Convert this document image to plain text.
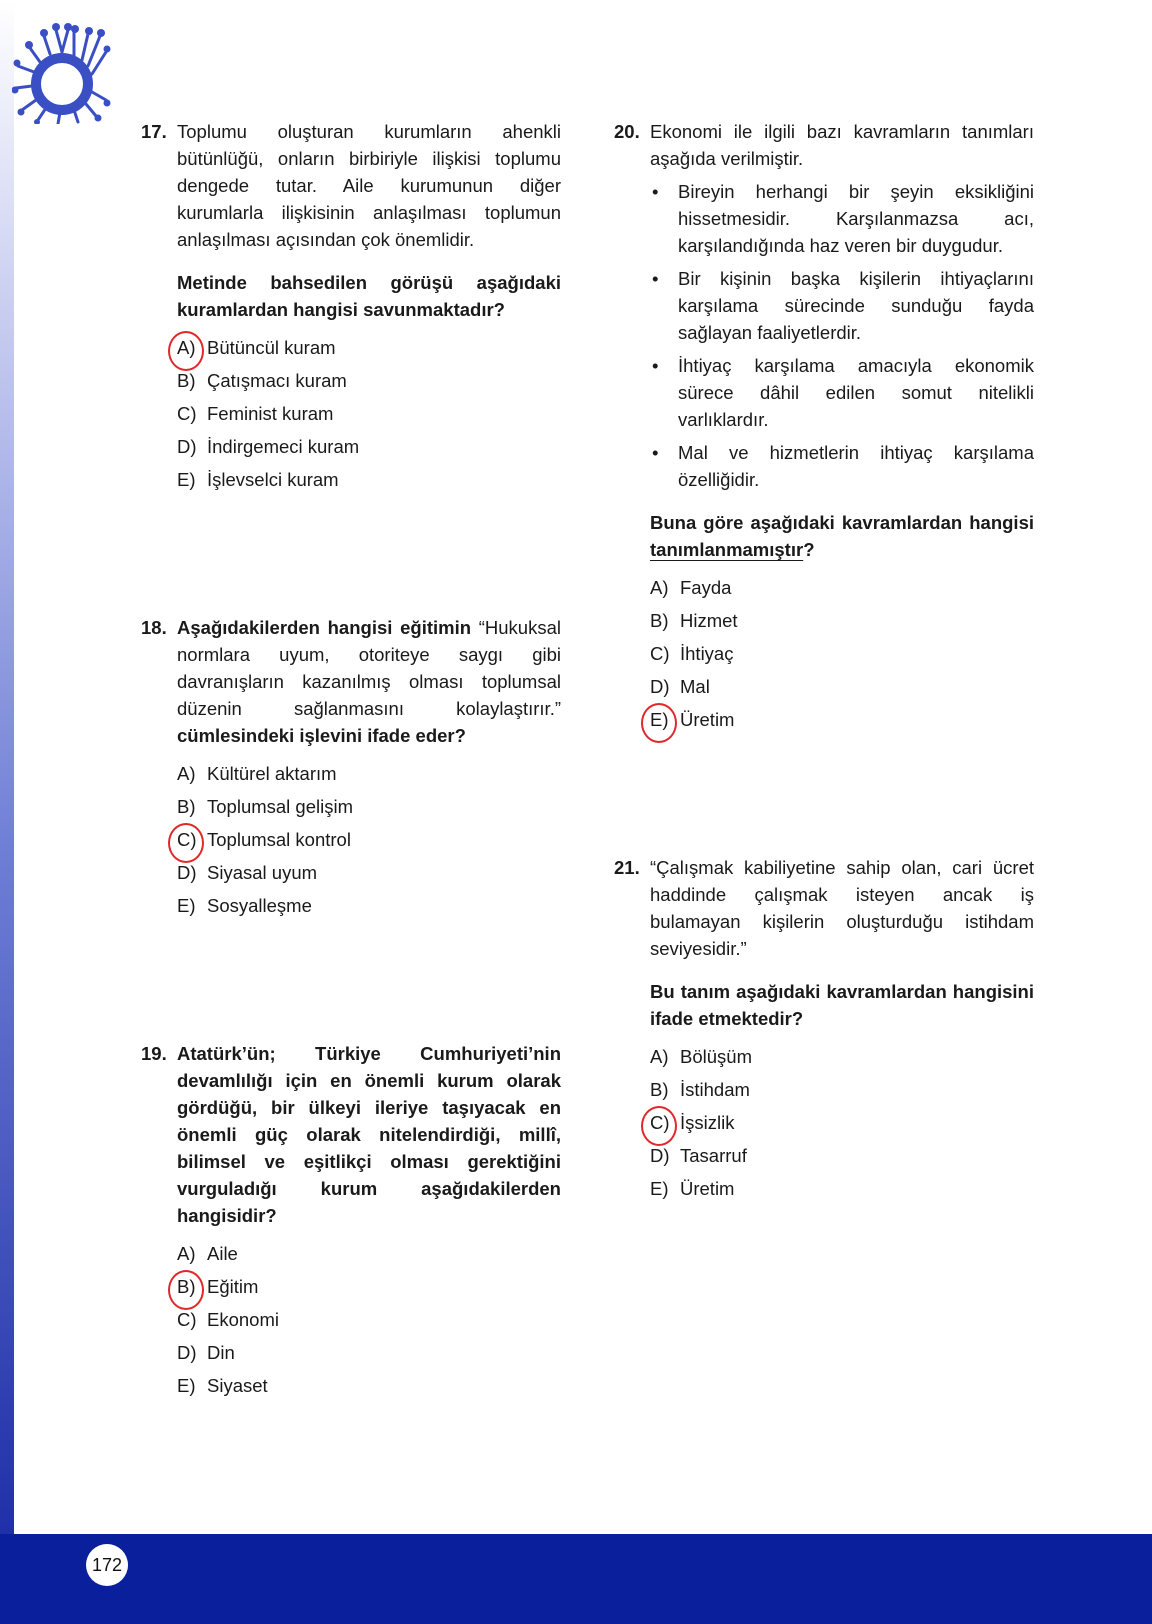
17. Toplumu oluşturan kurumların ahenkli bütünlüğü, onların birbiriyle ilişkisi toplumu dengede tutar. Aile kurumunun diğer kurumlarla ilişkisinin anlaşılması toplumun anlaşılması açısından çok önemlidir.

Metinde bahsedilen görüşü aşağıdaki kuramlardan hangisi savunmaktadır?

A) Bütüncül kuram
B) Çatışmacı kuram
C) Feminist kuram
D) İndirgemeci kuram
E) İşlevselci kuram
18. Aşağıdakilerden hangisi eğitimin “Hukuksal normlara uyum, otoriteye saygı gibi davranışların kazanılmış olması toplumsal düzenin sağlanmasını kolaylaştırır.” cümlesindeki işlevini ifade eder?

A) Kültürel aktarım
B) Toplumsal gelişim
C) Toplumsal kontrol
D) Siyasal uyum
E) Sosyalleşme
19. Atatürk’ün; Türkiye Cumhuriyeti’nin devamlılığı için en önemli kurum olarak gördüğü, bir ülkeyi ileriye taşıyacak en önemli güç olarak nitelendirdiği, millî, bilimsel ve eşitlikçi olması gerektiğini vurguladığı kurum aşağıdakilerden hangisidir?

A) Aile
B) Eğitim
C) Ekonomi
D) Din
E) Siyaset
20. Ekonomi ile ilgili bazı kavramların tanımları aşağıda verilmiştir.

• Bireyin herhangi bir şeyin eksikliğini hissetmesidir. Karşılanmazsa acı, karşılandığında haz veren bir duygudur.
• Bir kişinin başka kişilerin ihtiyaçlarını karşılama sürecinde sunduğu fayda sağlayan faaliyetlerdir.
• İhtiyaç karşılama amacıyla ekonomik sürece dâhil edilen somut nitelikli varlıklardır.
• Mal ve hizmetlerin ihtiyaç karşılama özelliğidir.

Buna göre aşağıdaki kavramlardan hangisi tanımlanmamıştır?

A) Fayda
B) Hizmet
C) İhtiyaç
D) Mal
E) Üretim
21. “Çalışmak kabiliyetine sahip olan, cari ücret haddinde çalışmak isteyen ancak iş bulamayan kişilerin oluşturduğu istihdam seviyesidir.”

Bu tanım aşağıdaki kavramlardan hangisini ifade etmektedir?

A) Bölüşüm
B) İstihdam
C) İşsizlik
D) Tasarruf
E) Üretim
172
